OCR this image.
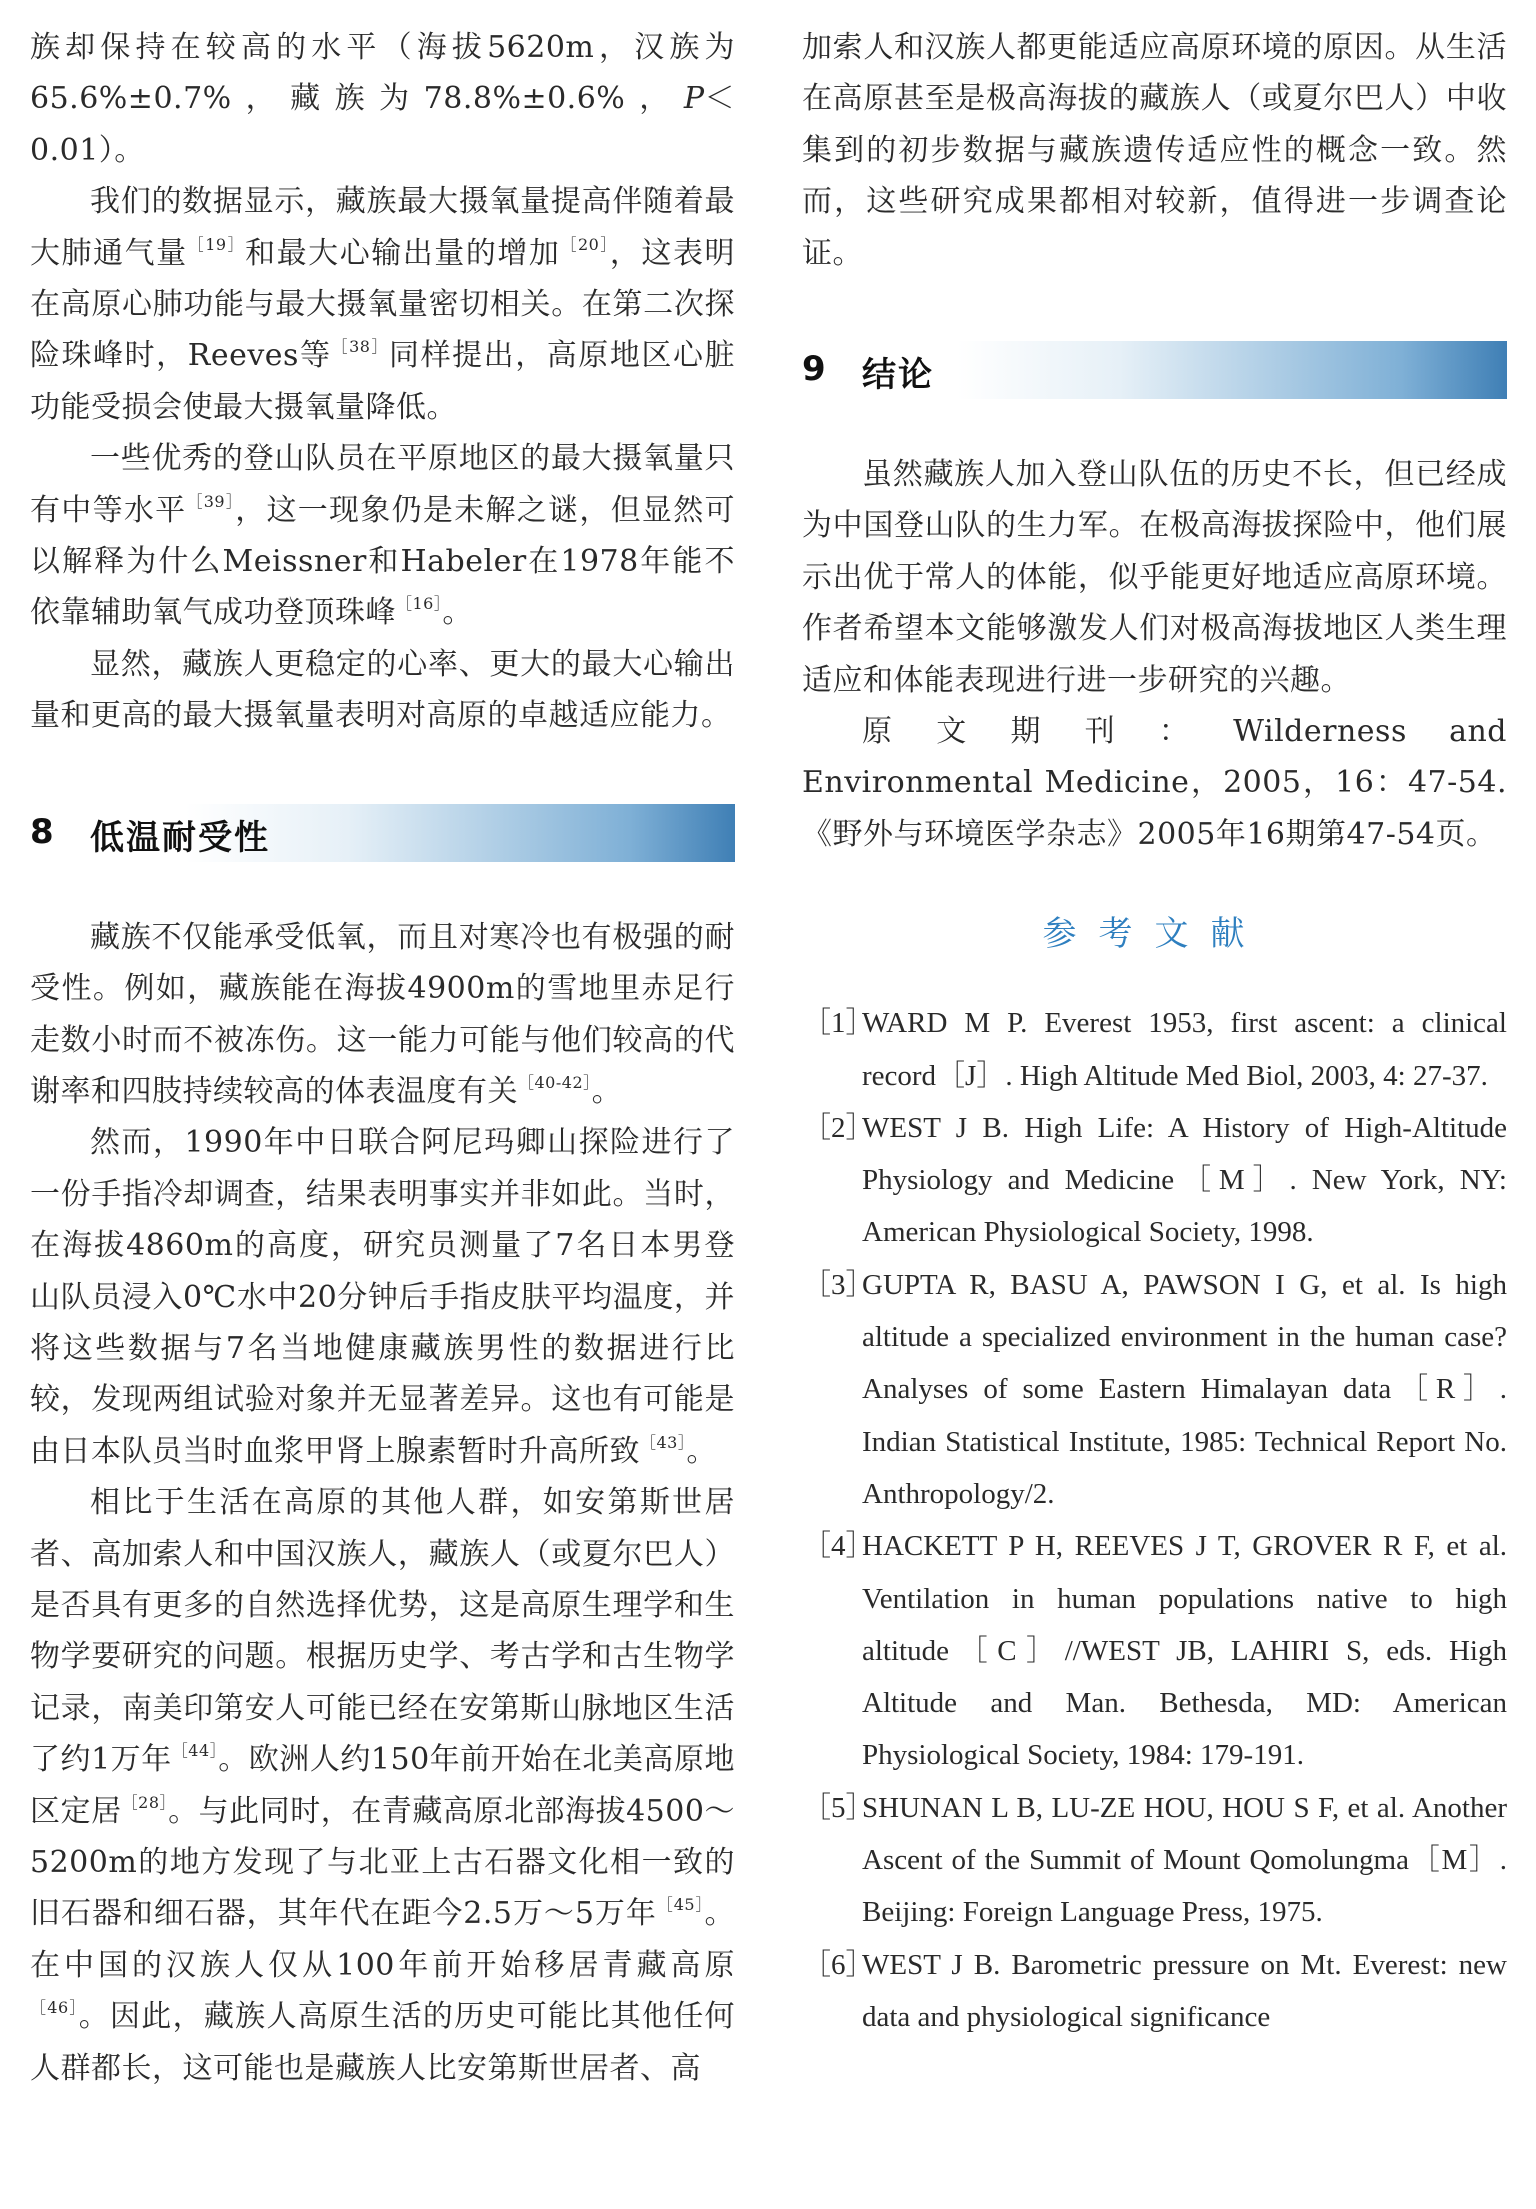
族却保持在较高的水平（海拔5620m，汉族为65.6%±0.7%，藏族为78.8%±0.6%，P＜0.01）。

我们的数据显示，藏族最大摄氧量提高伴随着最大肺通气量$^{[19]}$和最大心输出量的增加$^{[20]}$，这表明在高原心肺功能与最大摄氧量密切相关。在第二次探险珠峰时，Reeves等$^{[38]}$同样提出，高原地区心脏功能受损会使最大摄氧量降低。

一些优秀的登山队员在平原地区的最大摄氧量只有中等水平$^{[39]}$，这一现象仍是未解之谜，但显然可以解释为什么Meissner和Habeler在1978年能不依靠辅助氧气成功登顶珠峰$^{[16]}$。

显然，藏族人更稳定的心率、更大的最大心输出量和更高的最大摄氧量表明对高原的卓越适应能力。

8 低温耐受性

藏族不仅能承受低氧，而且对寒冷也有极强的耐受性。例如，藏族能在海拔4900m的雪地里赤足行走数小时而不被冻伤。这一能力可能与他们较高的代谢率和四肢持续较高的体表温度有关$^{[40-42]}$。

然而，1990年中日联合阿尼玛卿山探险进行了一份手指冷却调查，结果表明事实并非如此。当时，在海拔4860m的高度，研究员测量了7名日本男登山队员浸入0℃水中20分钟后手指皮肤平均温度，并将这些数据与7名当地健康藏族男性的数据进行比较，发现两组试验对象并无显著差异。这也有可能是由日本队员当时血浆甲肾上腺素暂时升高所致$^{[43]}$。

相比于生活在高原的其他人群，如安第斯世居者、高加索人和中国汉族人，藏族人（或夏尔巴人）是否具有更多的自然选择优势，这是高原生理学和生物学要研究的问题。根据历史学、考古学和古生物学记录，南美印第安人可能已经在安第斯山脉地区生活了约1万年$^{[44]}$。欧洲人约150年前开始在北美高原地区定居$^{[28]}$。与此同时，在青藏高原北部海拔4500～5200m的地方发现了与北亚上古石器文化相一致的旧石器和细石器，其年代在距今2.5万～5万年$^{[45]}$。在中国的汉族人仅从100年前开始移居青藏高原$^{[46]}$。因此，藏族人高原生活的历史可能比其他任何人群都长，这可能也是藏族人比安第斯世居者、高

加索人和汉族人都更能适应高原环境的原因。从生活在高原甚至是极高海拔的藏族人（或夏尔巴人）中收集到的初步数据与藏族遗传适应性的概念一致。然而，这些研究成果都相对较新，值得进一步调查论证。

9 结论

虽然藏族人加入登山队伍的历史不长，但已经成为中国登山队的生力军。在极高海拔探险中，他们展示出优于常人的体能，似乎能更好地适应高原环境。作者希望本文能够激发人们对极高海拔地区人类生理适应和体能表现进行进一步研究的兴趣。

原文期刊：Wilderness and Environmental Medicine，2005，16：47-54.《野外与环境医学杂志》2005年16期第47-54页。

参考文献
［1］
WARD M P. Everest 1953, first ascent: a clinical record［J］. High Altitude Med Biol, 2003, 4: 27-37.
［2］
WEST J B. High Life: A History of High-Altitude Physiology and Medicine［M］. New York, NY: American Physiological Society, 1998.
［3］
GUPTA R, BASU A, PAWSON I G, et al. Is high altitude a specialized environment in the human case? Analyses of some Eastern Himalayan data［R］. Indian Statistical Institute, 1985: Technical Report No. Anthropology/2.
［4］
HACKETT P H, REEVES J T, GROVER R F, et al. Ventilation in human populations native to high altitude［C］//WEST JB, LAHIRI S, eds. High Altitude and Man. Bethesda, MD: American Physiological Society, 1984: 179-191.
［5］
SHUNAN L B, LU-ZE HOU, HOU S F, et al. Another Ascent of the Summit of Mount Qomolungma［M］. Beijing: Foreign Language Press, 1975.
［6］
WEST J B. Barometric pressure on Mt. Everest: new data and physiological significance
